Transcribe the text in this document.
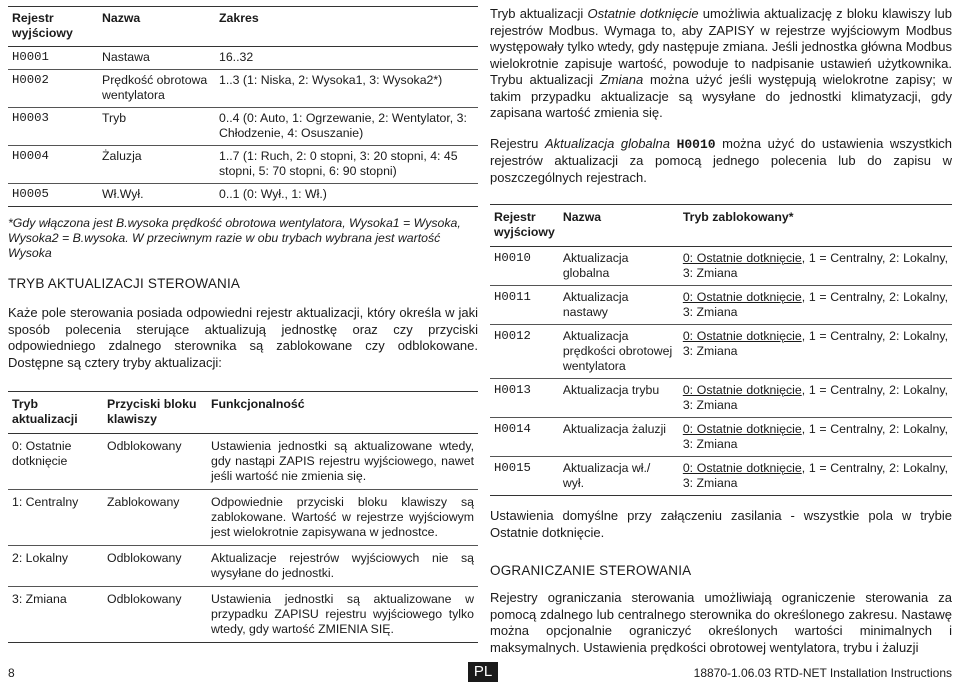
Rejestr wyjściowy	Nazwa	Zakres
H0001	Nastawa	16..32
H0002	Prędkość obrotowa wentylatora	1..3 (1: Niska, 2: Wysoka1, 3: Wysoka2*)
H0003	Tryb	0..4 (0: Auto, 1: Ogrzewanie, 2: Wentylator, 3: Chłodzenie, 4: Osuszanie)
H0004	Żaluzja	1..7 (1: Ruch, 2: 0 stopni, 3: 20 stopni, 4: 45 stopni, 5: 70 stopni, 6: 90 stopni)
H0005	Wł.Wył.	0..1 (0: Wył., 1: Wł.)

*Gdy włączona jest B.wysoka prędkość obrotowa wentylatora, Wysoka1 = Wysoka, Wysoka2 = B.wysoka. W przeciwnym razie w obu trybach wybrana jest wartość Wysoka

TRYB AKTUALIZACJI STEROWANIA

Każe pole sterowania posiada odpowiedni rejestr aktualizacji, który określa w jaki sposób polecenia sterujące aktualizują jednostkę oraz czy przyciski odpowiedniego zdalnego sterownika są zablokowane czy odblokowane. Dostępne są cztery tryby aktualizacji:

Tryb aktualizacji	Przyciski bloku klawiszy	Funkcjonalność
0: Ostatnie dotknięcie	Odblokowany	Ustawienia jednostki są aktualizowane wtedy, gdy nastąpi ZAPIS rejestru wyjściowego, nawet jeśli wartość nie zmienia się.
1: Centralny	Zablokowany	Odpowiednie przyciski bloku klawiszy są zablokowane. Wartość w rejestrze wyjściowym jest wielokrotnie zapisywana w jednostce.
2: Lokalny	Odblokowany	Aktualizacje rejestrów wyjściowych nie są wysyłane do jednostki.
3: Zmiana	Odblokowany	Ustawienia jednostki są aktualizowane w przypadku ZAPISU rejestru wyjściowego tylko wtedy, gdy wartość ZMIENIA SIĘ.

Tryb aktualizacji Ostatnie dotknięcie umożliwia aktualizację z bloku klawiszy lub rejestrów Modbus. Wymaga to, aby ZAPISY w rejestrze wyjściowym Modbus występowały tylko wtedy, gdy następuje zmiana. Jeśli jednostka główna Modbus wielokrotnie zapisuje wartość, powoduje to nadpisanie ustawień użytkownika. Trybu aktualizacji Zmiana można użyć jeśli występują wielokrotne zapisy; w takim przypadku aktualizacje są wysyłane do jednostki klimatyzacji, gdy zapisana wartość zmienia się.

Rejestru Aktualizacja globalna H0010 można użyć do ustawienia wszystkich rejestrów aktualizacji za pomocą jednego polecenia lub do zapisu w poszczególnych rejestrach.

Rejestr wyjściowy	Nazwa	Tryb zablokowany*
H0010	Aktualizacja globalna	0: Ostatnie dotknięcie, 1 = Centralny, 2: Lokalny, 3: Zmiana
H0011	Aktualizacja nastawy	0: Ostatnie dotknięcie, 1 = Centralny, 2: Lokalny, 3: Zmiana
H0012	Aktualizacja prędkości obrotowej wentylatora	0: Ostatnie dotknięcie, 1 = Centralny, 2: Lokalny, 3: Zmiana
H0013	Aktualizacja trybu	0: Ostatnie dotknięcie, 1 = Centralny, 2: Lokalny, 3: Zmiana
H0014	Aktualizacja żaluzji	0: Ostatnie dotknięcie, 1 = Centralny, 2: Lokalny, 3: Zmiana
H0015	Aktualizacja wł./ wył.	0: Ostatnie dotknięcie, 1 = Centralny, 2: Lokalny, 3: Zmiana

Ustawienia domyślne przy załączeniu zasilania - wszystkie pola w trybie Ostatnie dotknięcie.

OGRANICZANIE STEROWANIA

Rejestry ograniczania sterowania umożliwiają ograniczenie sterowania za pomocą zdalnego lub centralnego sterownika do określonego zakresu. Nastawę można opcjonalnie ograniczyć określonych wartości minimalnych i maksymalnych. Ustawienia prędkości obrotowej wentylatora, trybu i żaluzji

8	PL	18870-1.06.03 RTD-NET Installation Instructions
